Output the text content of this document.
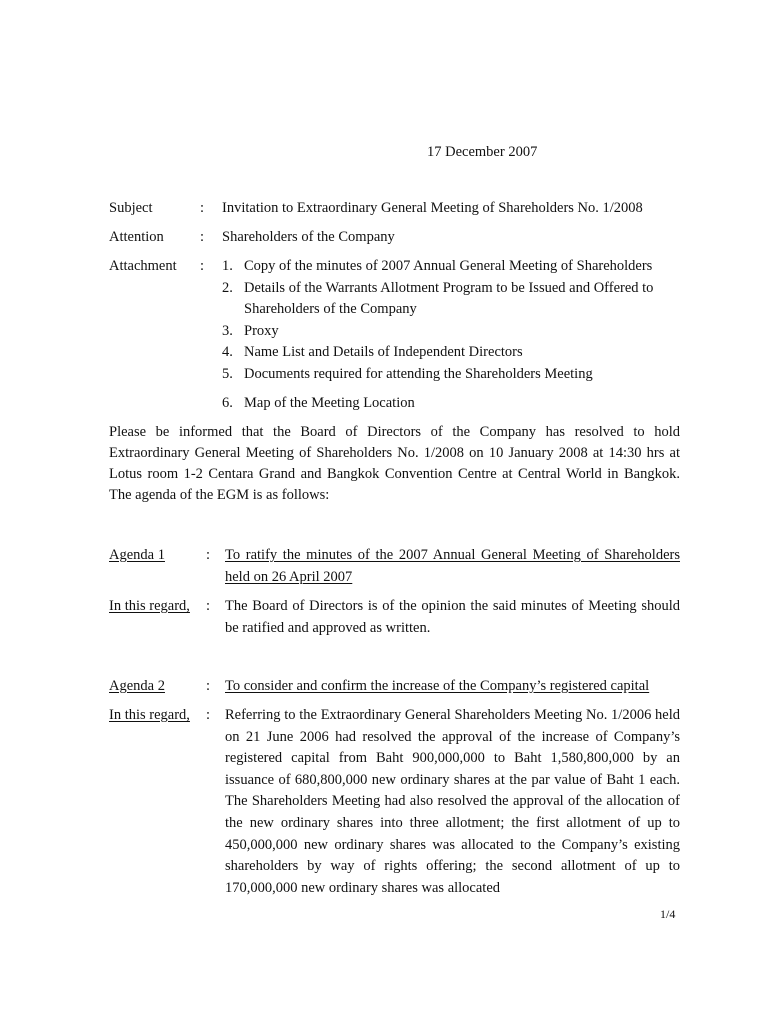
17 December 2007
Subject	: Invitation to Extraordinary General Meeting of Shareholders No. 1/2008
Attention : Shareholders of the Company
Attachment : 1. Copy of the minutes of 2007 Annual General Meeting of Shareholders
2. Details of the Warrants Allotment Program to be Issued and Offered to
Shareholders of the Company
3. Proxy
4. Name List and Details of Independent Directors
5. Documents required for attending the Shareholders Meeting
6. Map of the Meeting Location
Please be informed that the Board of Directors of the Company has resolved to hold Extraordinary General Meeting of Shareholders No. 1/2008 on 10 January 2008 at 14:30 hrs at Lotus room 1-2 Centara Grand and Bangkok Convention Centre at Central World in Bangkok. The agenda of the EGM is as follows:
Agenda 1	: To ratify the minutes of the 2007 Annual General Meeting of Shareholders held on 26 April 2007
In this regard, : The Board of Directors is of the opinion the said minutes of Meeting should be ratified and approved as written.
Agenda 2	: To consider and confirm the increase of the Company’s registered capital
In this regard, : Referring to the Extraordinary General Shareholders Meeting No. 1/2006 held on 21 June 2006 had resolved the approval of the increase of Company’s registered capital from Baht 900,000,000 to Baht 1,580,800,000 by an issuance of 680,800,000 new ordinary shares at the par value of Baht 1 each. The Shareholders Meeting had also resolved the approval of the allocation of the new ordinary shares into three allotment; the first allotment of up to 450,000,000 new ordinary shares was allocated to the Company’s existing shareholders by way of rights offering; the second allotment of up to 170,000,000 new ordinary shares was allocated
1/4
